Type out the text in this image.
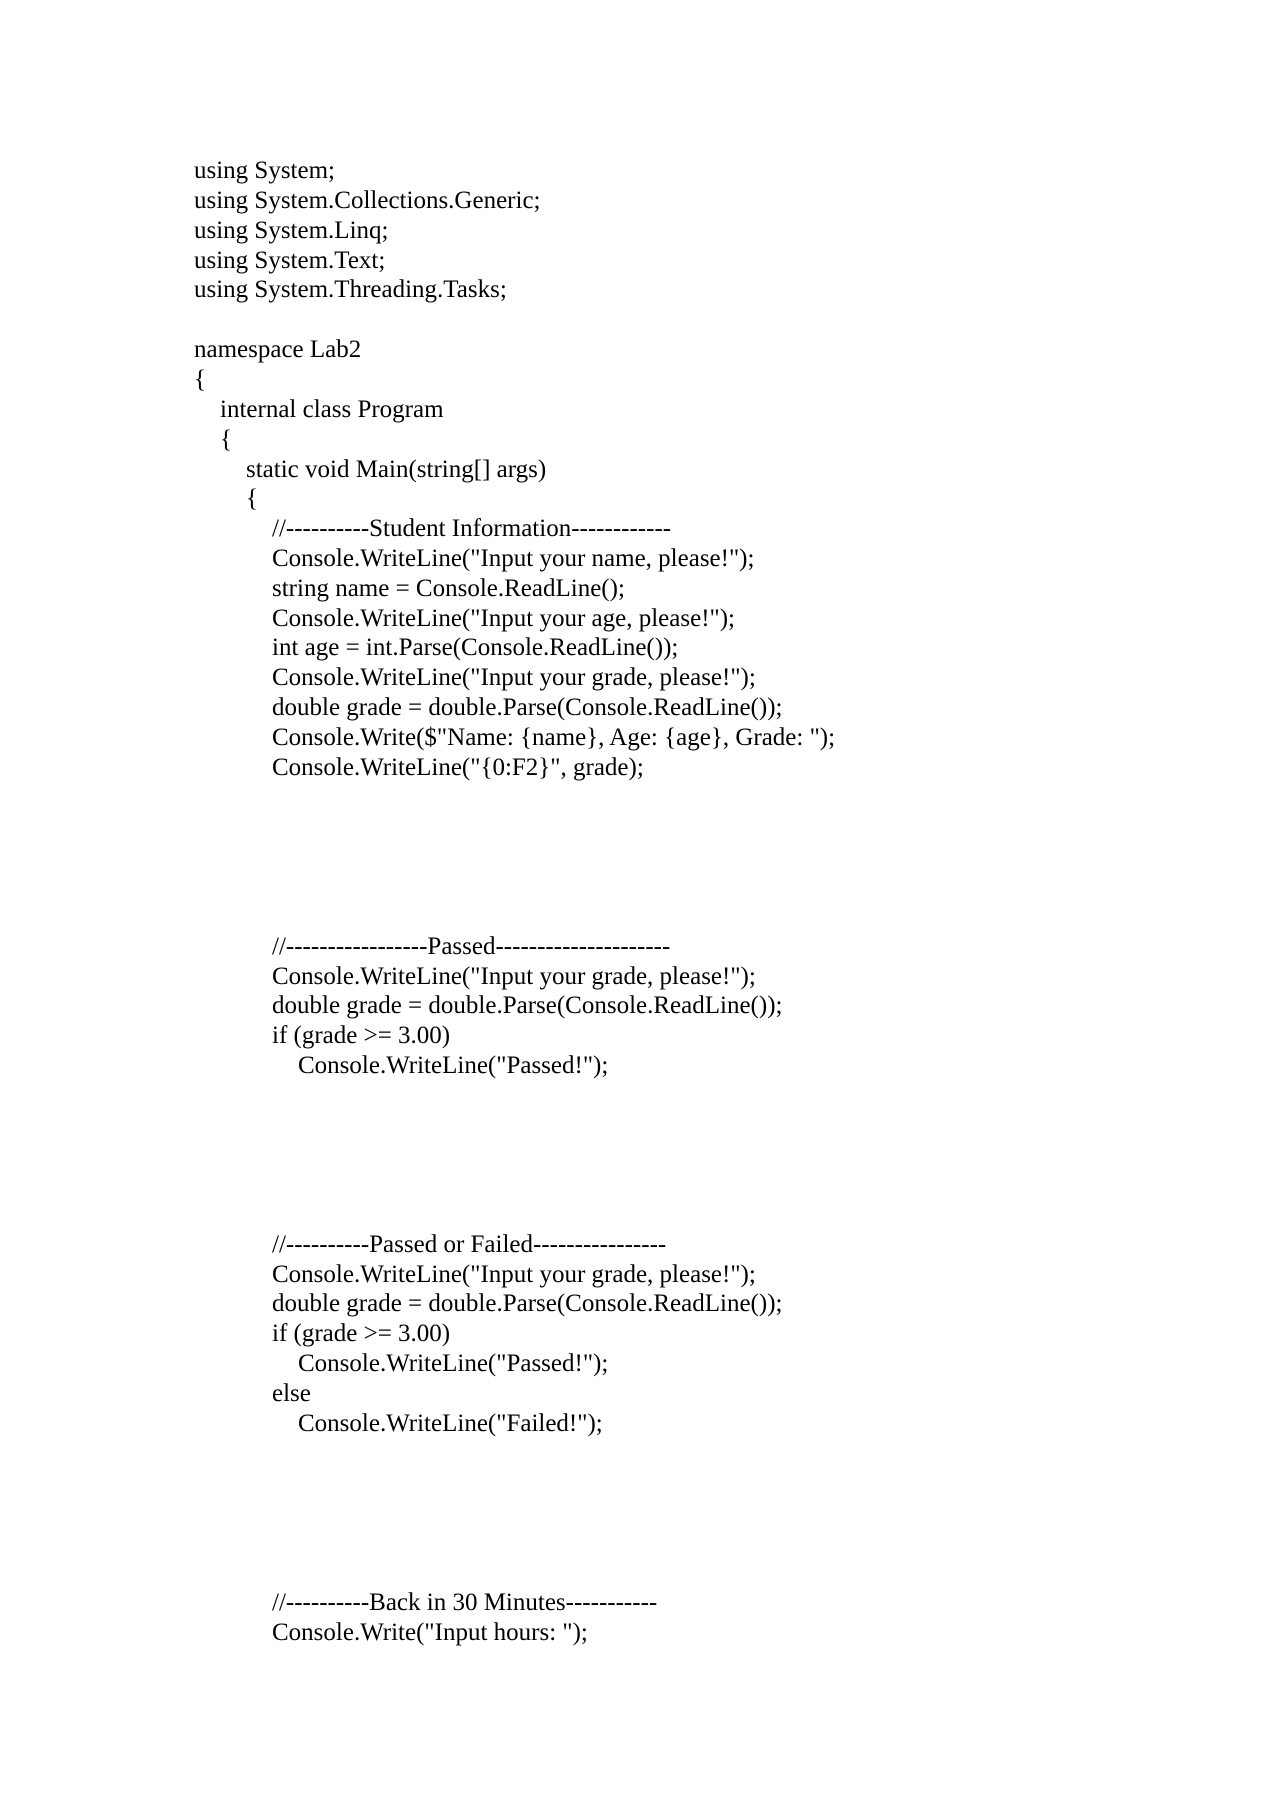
using System;
using System.Collections.Generic;
using System.Linq;
using System.Text;
using System.Threading.Tasks;
namespace Lab2
{
internal class Program
{
static void Main(string[] args)
{
//----------Student Information------------
Console.WriteLine("Input your name, please!");
string name = Console.ReadLine();
Console.WriteLine("Input your age, please!");
int age = int.Parse(Console.ReadLine());
Console.WriteLine("Input your grade, please!");
double grade = double.Parse(Console.ReadLine());
Console.Write($"Name: {name}, Age: {age}, Grade: ");
Console.WriteLine("{0:F2}", grade);
//-----------------Passed---------------------
Console.WriteLine("Input your grade, please!");
double grade = double.Parse(Console.ReadLine());
if (grade >= 3.00)
Console.WriteLine("Passed!");
//----------Passed or Failed----------------
Console.WriteLine("Input your grade, please!");
double grade = double.Parse(Console.ReadLine());
if (grade >= 3.00)
Console.WriteLine("Passed!");
else
Console.WriteLine("Failed!");
//----------Back in 30 Minutes-----------
Console.Write("Input hours: ");
